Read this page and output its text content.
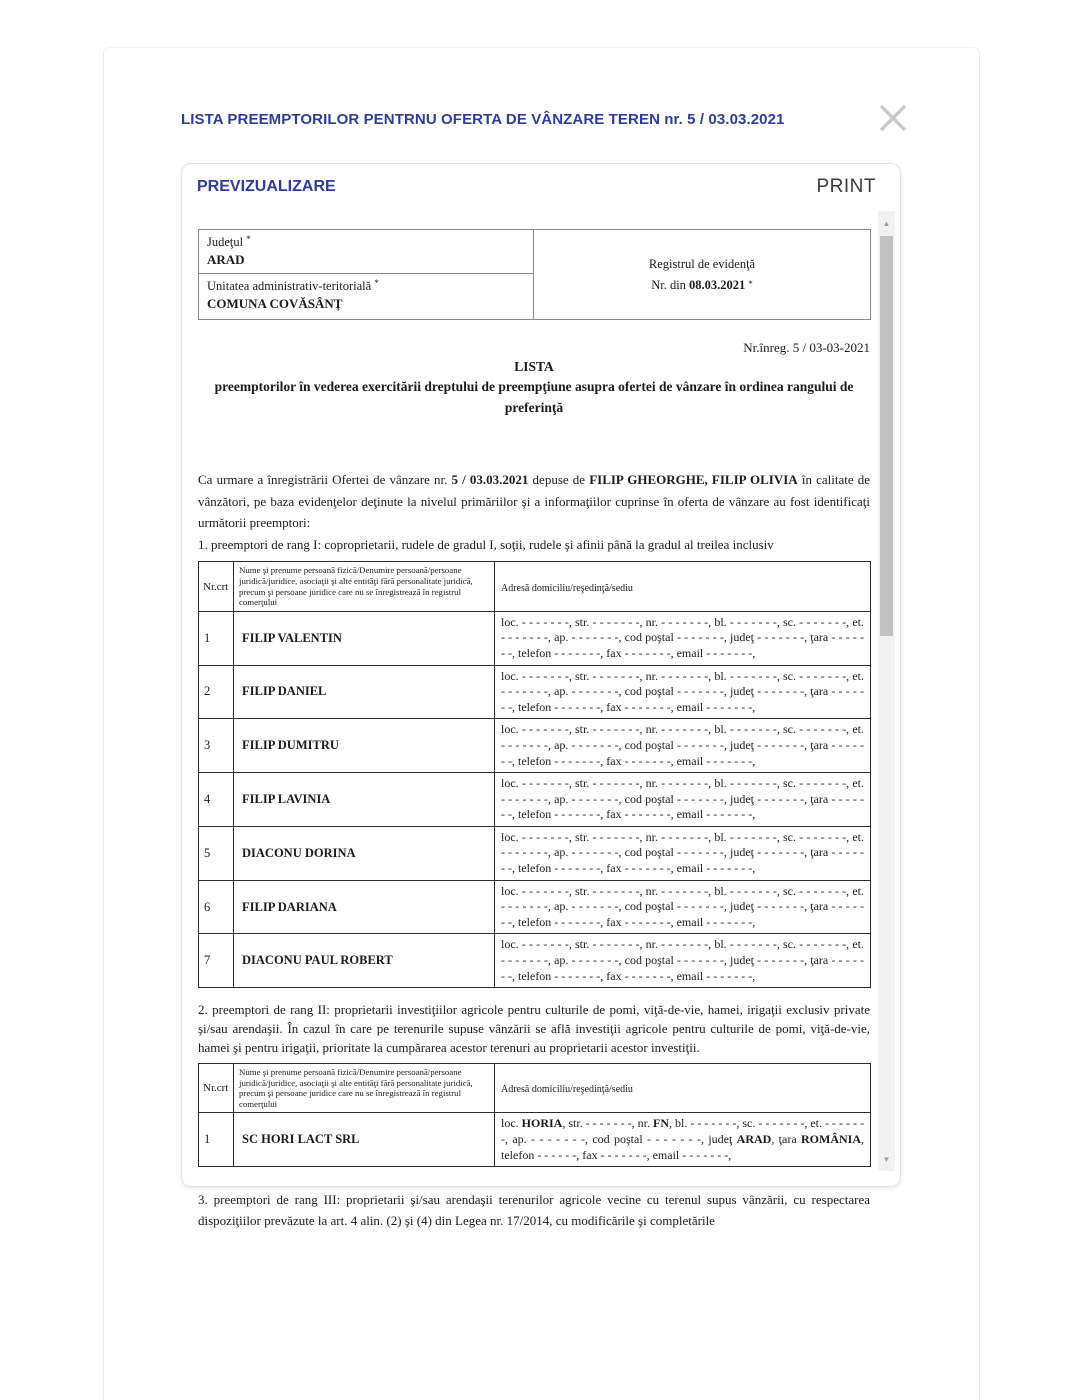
LISTA PREEMPTORILOR PENTRNU OFERTA DE VÂNZARE TEREN nr. 5 / 03.03.2021
PREVIZUALIZARE	PRINT
Judeţul *
ARAD	Registrul de evidenţă
Nr. din 08.03.2021 *

Unitatea administrativ-teritorială *
COMUNA COVĂSÂNŢ
Nr.înreg. 5 / 03-03-2021
LISTA
preemptorilor în vederea exercitării dreptului de preempţiune asupra ofertei de vânzare în ordinea rangului de preferinţă

Ca urmare a înregistrării Ofertei de vânzare nr. 5 / 03.03.2021 depuse de FILIP GHEORGHE, FILIP OLIVIA în calitate de vânzători, pe baza evidenţelor deţinute la nivelul primăriilor şi a informaţiilor cuprinse în oferta de vânzare au fost identificaţi următorii preemptori:

1. preemptori de rang I: coproprietarii, rudele de gradul I, soţii, rudele şi afinii până la gradul al treilea inclusiv
Nr.crt	Nume şi prenume persoană fizică/Denumire persoană/persoane juridică/juridice, asociaţii şi alte entităţi fără personalitate juridică, precum şi persoane juridice care nu se înregistrează în registrul comerţului	Adresă domiciliu/reşedinţă/sediu
1	FILIP VALENTIN	loc. - - - - - - -, str. - - - - - - -, nr. - - - - - - -, bl. - - - - - - -, sc. - - - - - - -, et. - - - - - - -, ap. - - - - - - -, cod poştal - - - - - - -, judeţ - - - - - - -, ţara - - - - - - -, telefon - - - - - - -, fax - - - - - - -, email - - - - - - -,
2	FILIP DANIEL	loc. - - - - - - -, str. - - - - - - -, nr. - - - - - - -, bl. - - - - - - -, sc. - - - - - - -, et. - - - - - - -, ap. - - - - - - -, cod poştal - - - - - - -, judeţ - - - - - - -, ţara - - - - - - -, telefon - - - - - - -, fax - - - - - - -, email - - - - - - -,
3	FILIP DUMITRU	loc. - - - - - - -, str. - - - - - - -, nr. - - - - - - -, bl. - - - - - - -, sc. - - - - - - -, et. - - - - - - -, ap. - - - - - - -, cod poştal - - - - - - -, judeţ - - - - - - -, ţara - - - - - - -, telefon - - - - - - -, fax - - - - - - -, email - - - - - - -,
4	FILIP LAVINIA	loc. - - - - - - -, str. - - - - - - -, nr. - - - - - - -, bl. - - - - - - -, sc. - - - - - - -, et. - - - - - - -, ap. - - - - - - -, cod poştal - - - - - - -, judeţ - - - - - - -, ţara - - - - - - -, telefon - - - - - - -, fax - - - - - - -, email - - - - - - -,
5	DIACONU DORINA	loc. - - - - - - -, str. - - - - - - -, nr. - - - - - - -, bl. - - - - - - -, sc. - - - - - - -, et. - - - - - - -, ap. - - - - - - -, cod poştal - - - - - - -, judeţ - - - - - - -, ţara - - - - - - -, telefon - - - - - - -, fax - - - - - - -, email - - - - - - -,
6	FILIP DARIANA	loc. - - - - - - -, str. - - - - - - -, nr. - - - - - - -, bl. - - - - - - -, sc. - - - - - - -, et. - - - - - - -, ap. - - - - - - -, cod poştal - - - - - - -, judeţ - - - - - - -, ţara - - - - - - -, telefon - - - - - - -, fax - - - - - - -, email - - - - - - -,
7	DIACONU PAUL ROBERT	loc. - - - - - - -, str. - - - - - - -, nr. - - - - - - -, bl. - - - - - - -, sc. - - - - - - -, et. - - - - - - -, ap. - - - - - - -, cod poştal - - - - - - -, judeţ - - - - - - -, ţara - - - - - - -, telefon - - - - - - -, fax - - - - - - -, email - - - - - - -,

2. preemptori de rang II: proprietarii investiţiilor agricole pentru culturile de pomi, viţă-de-vie, hamei, irigaţii exclusiv private şi/sau arendaşii. În cazul în care pe terenurile supuse vânzării se află investiţii agricole pentru culturile de pomi, viţă-de-vie, hamei şi pentru irigaţii, prioritate la cumpărarea acestor terenuri au proprietarii acestor investiţii.

Nr.crt	Nume şi prenume persoană fizică/Denumire persoană/persoane juridică/juridice, asociaţii şi alte entităţi fără personalitate juridică, precum şi persoane juridice care nu se înregistrează în registrul comerţului	Adresă domiciliu/reşedinţă/sediu
1	SC HORI LACT SRL	loc. HORIA, str. - - - - - - -, nr. FN, bl. - - - - - - -, sc. - - - - - - -, et. - - - - - - -, ap. - - - - - - -, cod poştal - - - - - - -, judeţ ARAD, ţara ROMÂNIA, telefon - - - - - -, fax - - - - - - -, email - - - - - - -,

3. preemptori de rang III: proprietarii şi/sau arendaşii terenurilor agricole vecine cu terenul supus vânzării, cu respectarea dispoziţiilor prevăzute la art. 4 alin. (2) şi (4) din Legea nr. 17/2014, cu modificările şi completările

▲
▼
